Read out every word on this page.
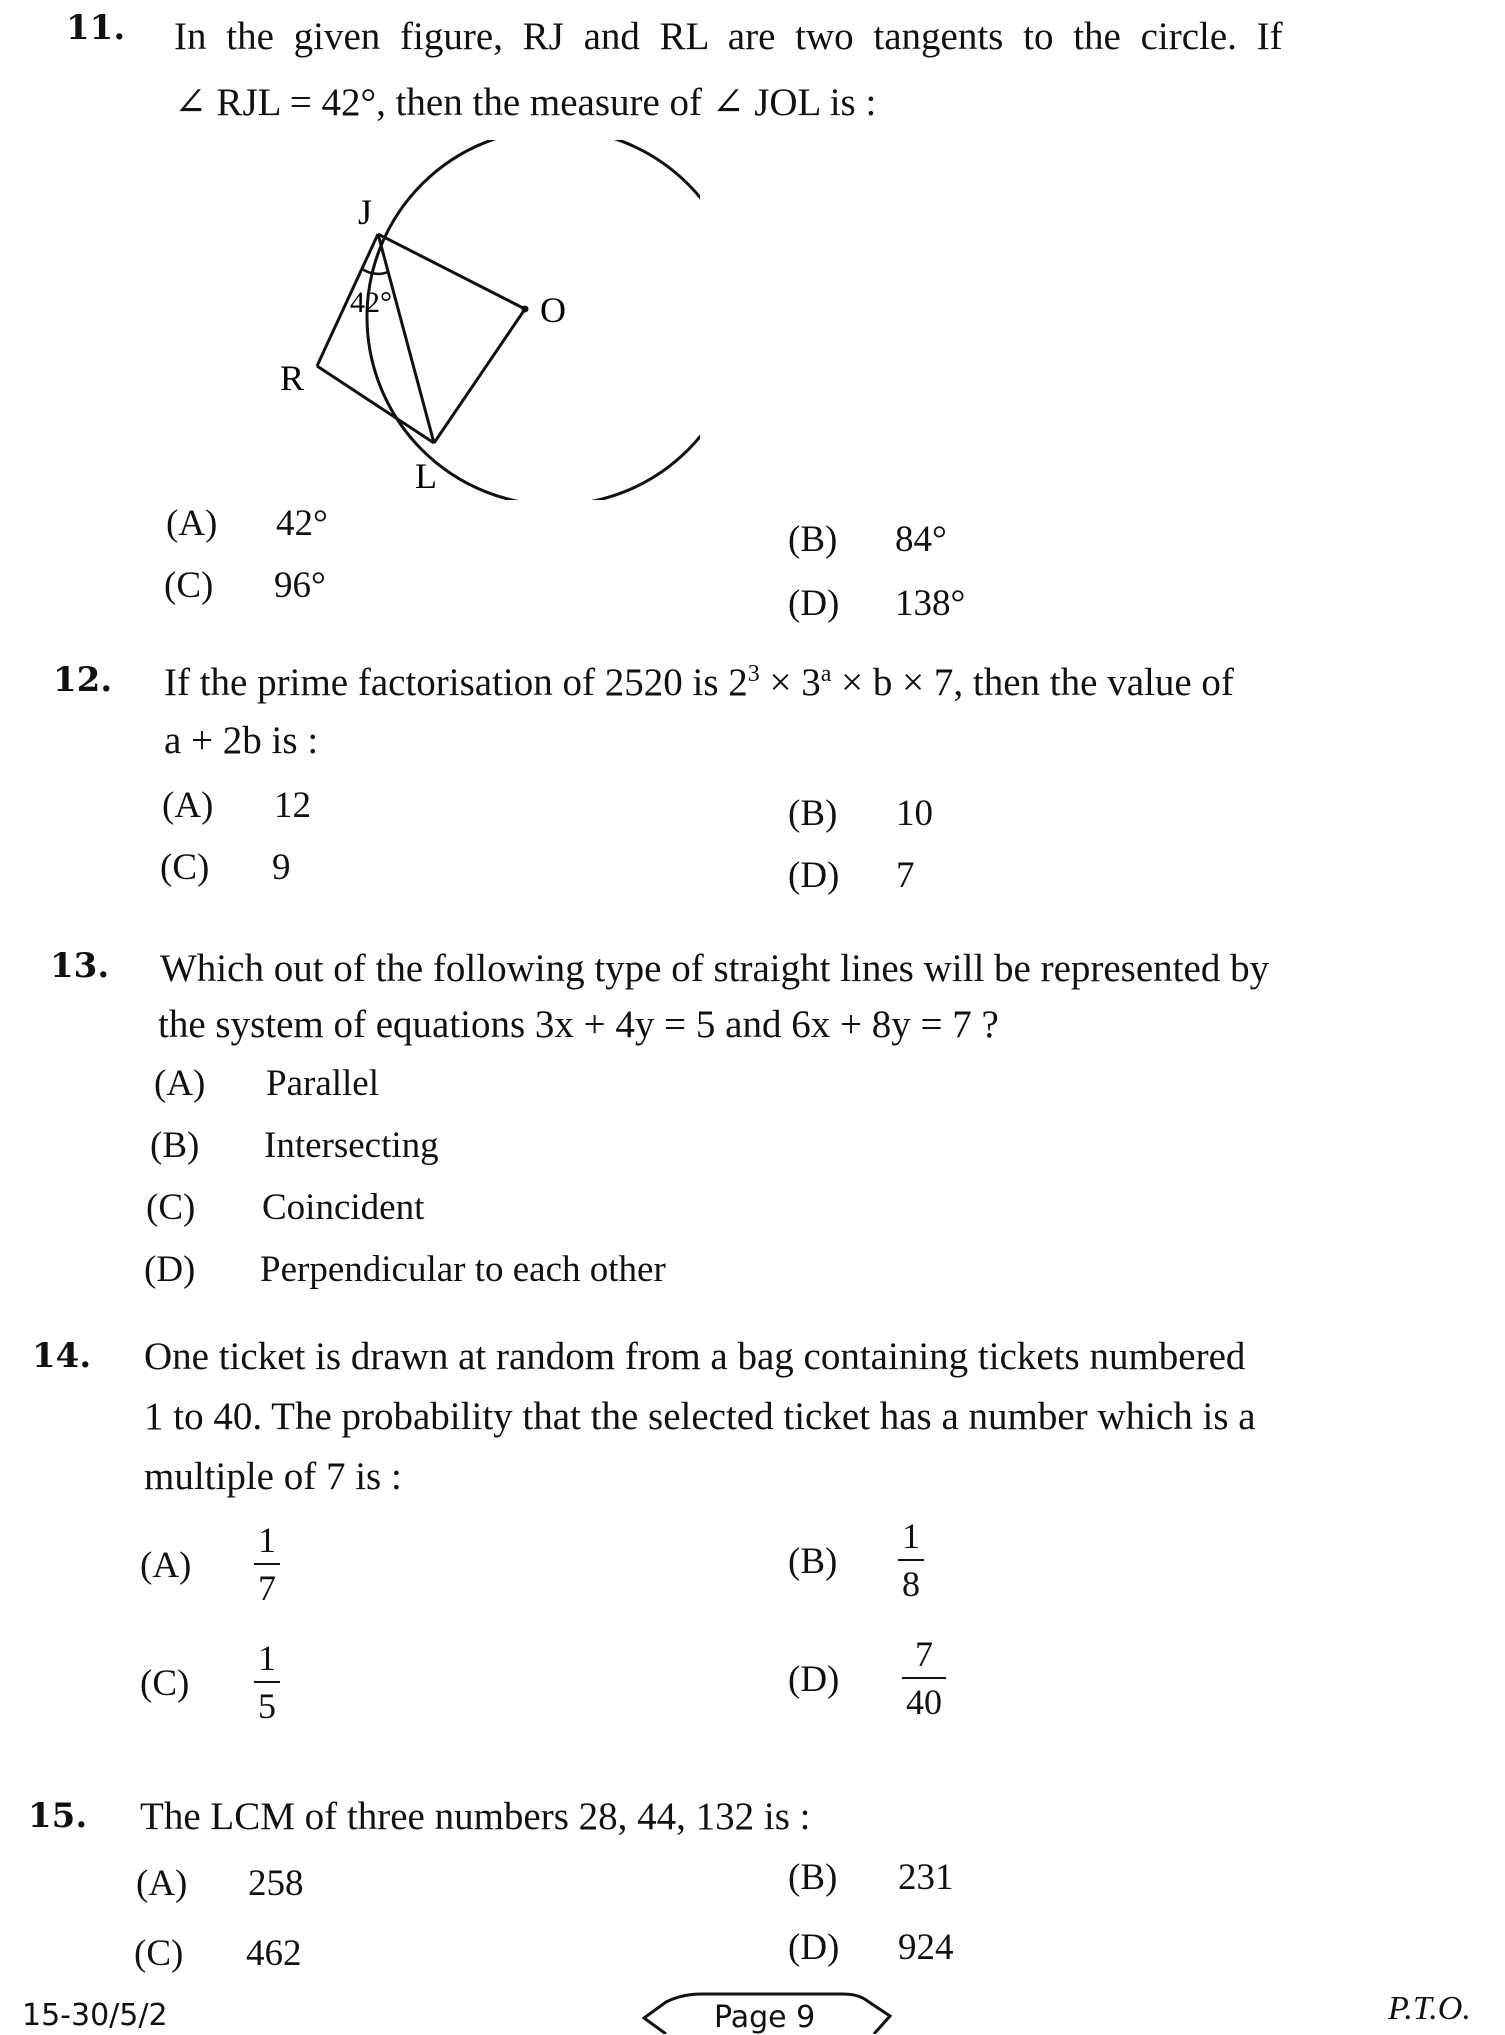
11. In the given figure, RJ and RL are two tangents to the circle. If
∠ RJL = 42°, then the measure of ∠ JOL is :
J
O
R
L
42°
(A) 42°	(B) 84°
(C) 96°	(D) 138°
12. If the prime factorisation of 2520 is $2^3 \times 3^a \times b \times 7$, then the value of
a + 2b is :
(A) 12	(B) 10
(C) 9	(D) 7
13. Which out of the following type of straight lines will be represented by
the system of equations 3x + 4y = 5 and 6x + 8y = 7 ?
(A) Parallel
(B) Intersecting
(C) Coincident
(D) Perpendicular to each other
14. One ticket is drawn at random from a bag containing tickets numbered
1 to 40. The probability that the selected ticket has a number which is a
multiple of 7 is :
(A)
1
7
(B)
1
8
(C)
1
5
(D)
7
40
15. The LCM of three numbers 28, 44, 132 is :
(A) 258	(B) 231
(C) 462	(D) 924
15-30/5/2	Page 9	P.T.O.
